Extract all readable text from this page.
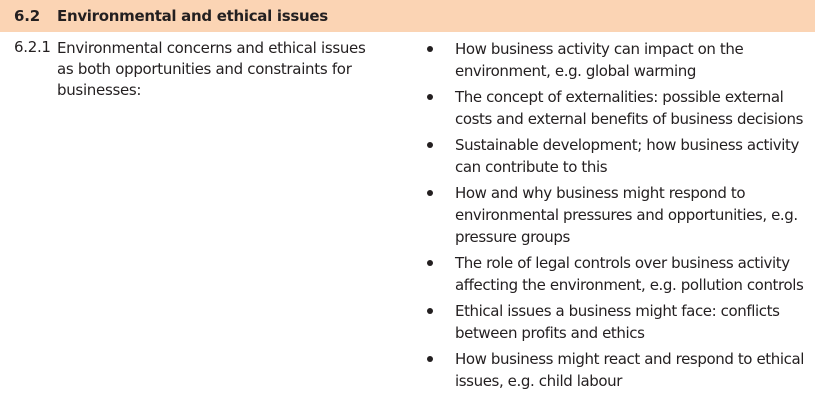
6.2 Environmental and ethical issues
6.2.1 Environmental concerns and ethical issues as both opportunities and constraints for businesses:
How business activity can impact on the environment, e.g. global warming
The concept of externalities: possible external costs and external benefits of business decisions
Sustainable development; how business activity can contribute to this
How and why business might respond to environmental pressures and opportunities, e.g. pressure groups
The role of legal controls over business activity affecting the environment, e.g. pollution controls
Ethical issues a business might face: conflicts between profits and ethics
How business might react and respond to ethical issues, e.g. child labour
